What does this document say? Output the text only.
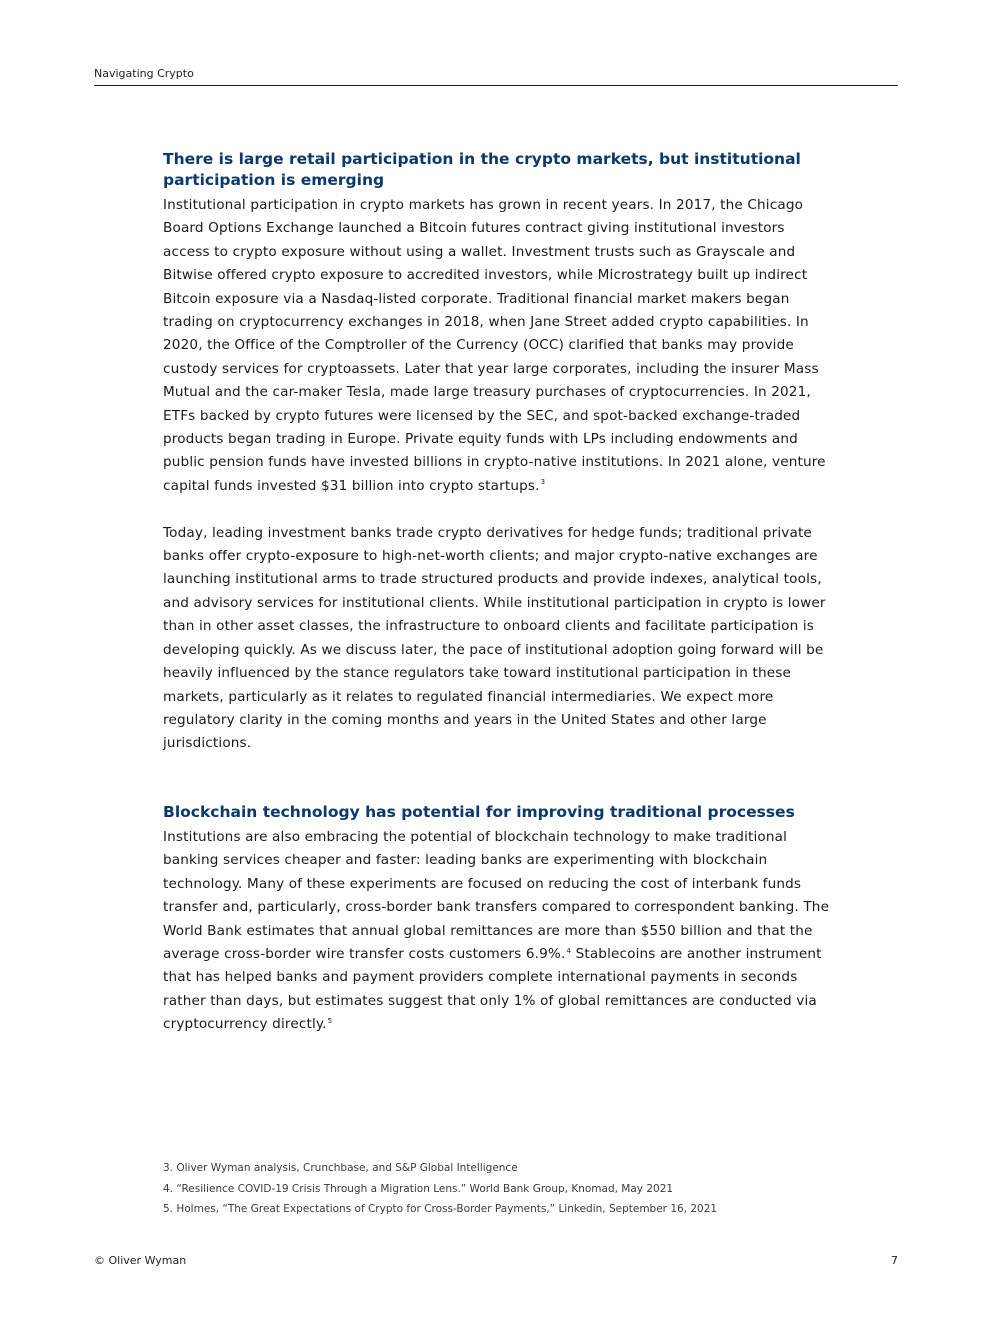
Navigating Crypto
There is large retail participation in the crypto markets, but institutional participation is emerging

Institutional participation in crypto markets has grown in recent years. In 2017, the Chicago Board Options Exchange launched a Bitcoin futures contract giving institutional investors access to crypto exposure without using a wallet. Investment trusts such as Grayscale and Bitwise offered crypto exposure to accredited investors, while Microstrategy built up indirect Bitcoin exposure via a Nasdaq-listed corporate. Traditional financial market makers began trading on cryptocurrency exchanges in 2018, when Jane Street added crypto capabilities. In 2020, the Office of the Comptroller of the Currency (OCC) clarified that banks may provide custody services for cryptoassets. Later that year large corporates, including the insurer Mass Mutual and the car-maker Tesla, made large treasury purchases of cryptocurrencies. In 2021, ETFs backed by crypto futures were licensed by the SEC, and spot-backed exchange-traded products began trading in Europe. Private equity funds with LPs including endowments and public pension funds have invested billions in crypto-native institutions. In 2021 alone, venture capital funds invested $31 billion into crypto startups.$^3$

Today, leading investment banks trade crypto derivatives for hedge funds; traditional private banks offer crypto-exposure to high-net-worth clients; and major crypto-native exchanges are launching institutional arms to trade structured products and provide indexes, analytical tools, and advisory services for institutional clients. While institutional participation in crypto is lower than in other asset classes, the infrastructure to onboard clients and facilitate participation is developing quickly. As we discuss later, the pace of institutional adoption going forward will be heavily influenced by the stance regulators take toward institutional participation in these markets, particularly as it relates to regulated financial intermediaries. We expect more regulatory clarity in the coming months and years in the United States and other large jurisdictions.

Blockchain technology has potential for improving traditional processes

Institutions are also embracing the potential of blockchain technology to make traditional banking services cheaper and faster: leading banks are experimenting with blockchain technology. Many of these experiments are focused on reducing the cost of interbank funds transfer and, particularly, cross-border bank transfers compared to correspondent banking. The World Bank estimates that annual global remittances are more than $550 billion and that the average cross-border wire transfer costs customers 6.9%.$^4$ Stablecoins are another instrument that has helped banks and payment providers complete international payments in seconds rather than days, but estimates suggest that only 1% of global remittances are conducted via cryptocurrency directly.$^5$

3. Oliver Wyman analysis, Crunchbase, and S&P Global Intelligence
4. “Resilience COVID-19 Crisis Through a Migration Lens.” World Bank Group, Knomad, May 2021
5. Holmes, “The Great Expectations of Crypto for Cross-Border Payments,” Linkedin, September 16, 2021
© Oliver Wyman	7
